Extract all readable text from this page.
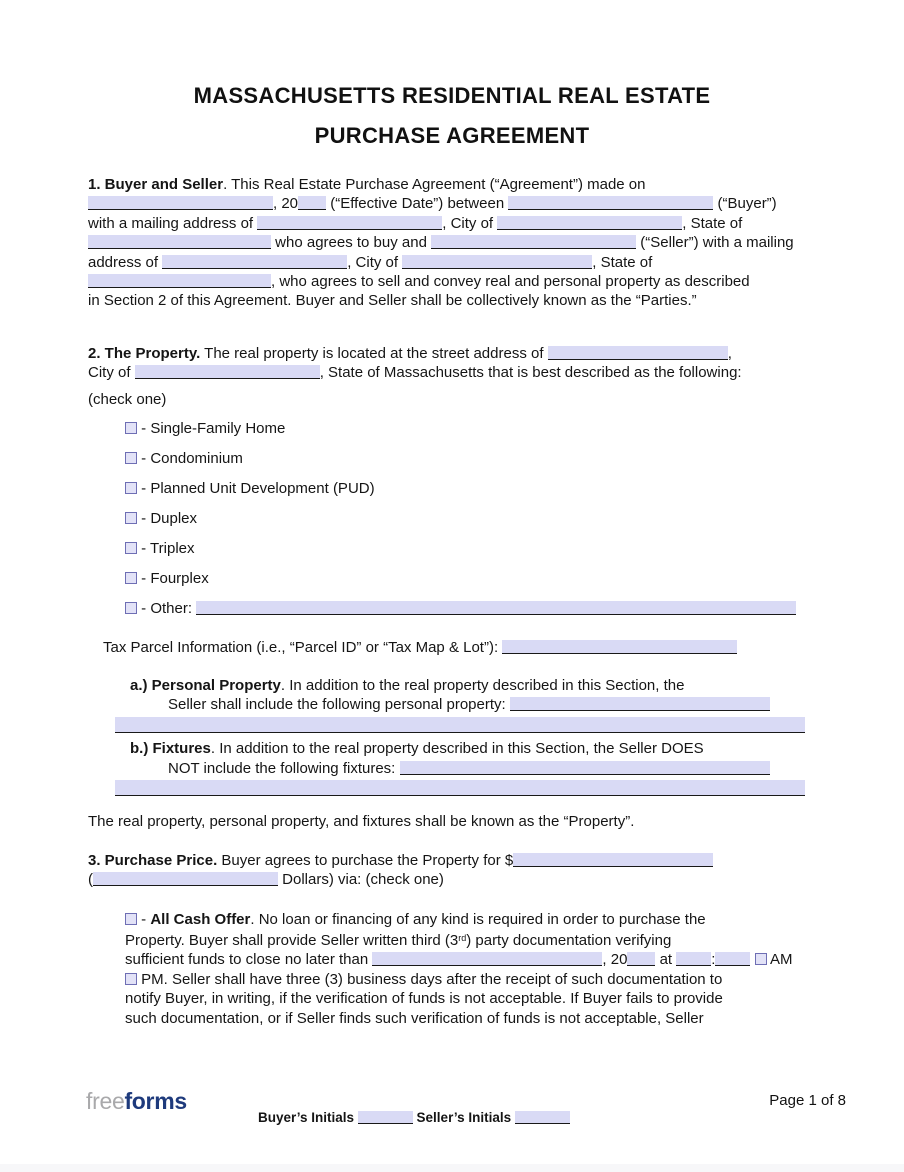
MASSACHUSETTS RESIDENTIAL REAL ESTATE
PURCHASE AGREEMENT
1. Buyer and Seller. This Real Estate Purchase Agreement (“Agreement”) made on
, 20 (“Effective Date”) between	(“Buyer”)
with a mailing address of	, City of	, State of
who agrees to buy and	(“Seller”) with a mailing
address of	, City of	, State of
, who agrees to sell and convey real and personal property as described
in Section 2 of this Agreement. Buyer and Seller shall be collectively known as the “Parties.”
2. The Property. The real property is located at the street address of	,
City of	, State of Massachusetts that is best described as the following:
(check one)
- Single-Family Home
- Condominium
- Planned Unit Development (PUD)
- Duplex
- Triplex
- Fourplex
- Other:
Tax Parcel Information (i.e., “Parcel ID” or “Tax Map & Lot”):
a.) Personal Property. In addition to the real property described in this Section, the
Seller shall include the following personal property:
b.) Fixtures. In addition to the real property described in this Section, the Seller DOES
NOT include the following fixtures:
The real property, personal property, and fixtures shall be known as the “Property”.
3. Purchase Price. Buyer agrees to purchase the Property for $
(	Dollars) via: (check one)
- All Cash Offer. No loan or financing of any kind is required in order to purchase the
Property. Buyer shall provide Seller written third (3rd) party documentation verifying
sufficient funds to close no later than	, 20 at :	AM
PM. Seller shall have three (3) business days after the receipt of such documentation to
notify Buyer, in writing, if the verification of funds is not acceptable. If Buyer fails to provide
such documentation, or if Seller finds such verification of funds is not acceptable, Seller
freeforms
Buyer’s Initials	Seller’s Initials
Page 1 of 8
